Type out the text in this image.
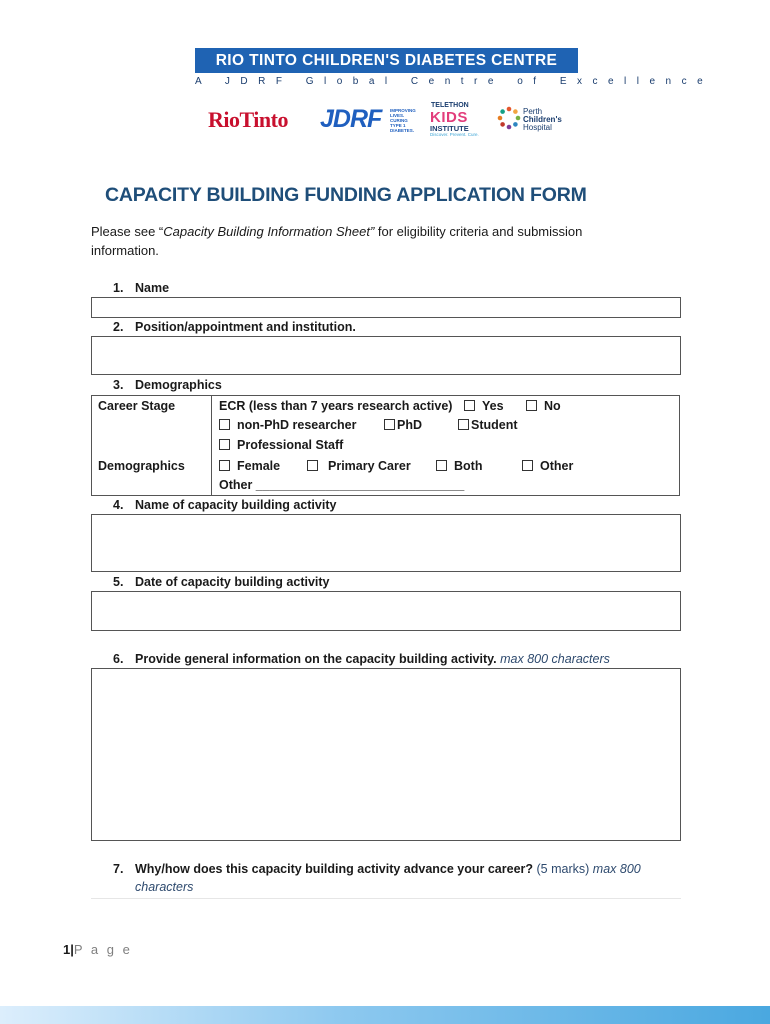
RIO TINTO CHILDREN'S DIABETES CENTRE
A JDRF Global Centre of Excellence
RioTinto JDRF IMPROVING LIVES. CURING TYPE 1 DIABETES.
TELETHON
KIDS
INSTITUTE
Discover. Prevent. Cure.
Perth
Children's
Hospital
CAPACITY BUILDING FUNDING APPLICATION FORM
Please see “Capacity Building Information Sheet” for eligibility criteria and submission information.
1. Name
2. Position/appointment and institution.
3. Demographics
Career Stage	ECR (less than 7 years research active)	Yes	No
non-PhD researcher	PhD	Student
Professional Staff
Demographics	Female	Primary Carer	Both	Other
Other ______________________________
4. Name of capacity building activity
5. Date of capacity building activity
6. Provide general information on the capacity building activity. max 800 characters
7. Why/how does this capacity building activity advance your career? (5 marks) max 800
characters
1|P a g e
